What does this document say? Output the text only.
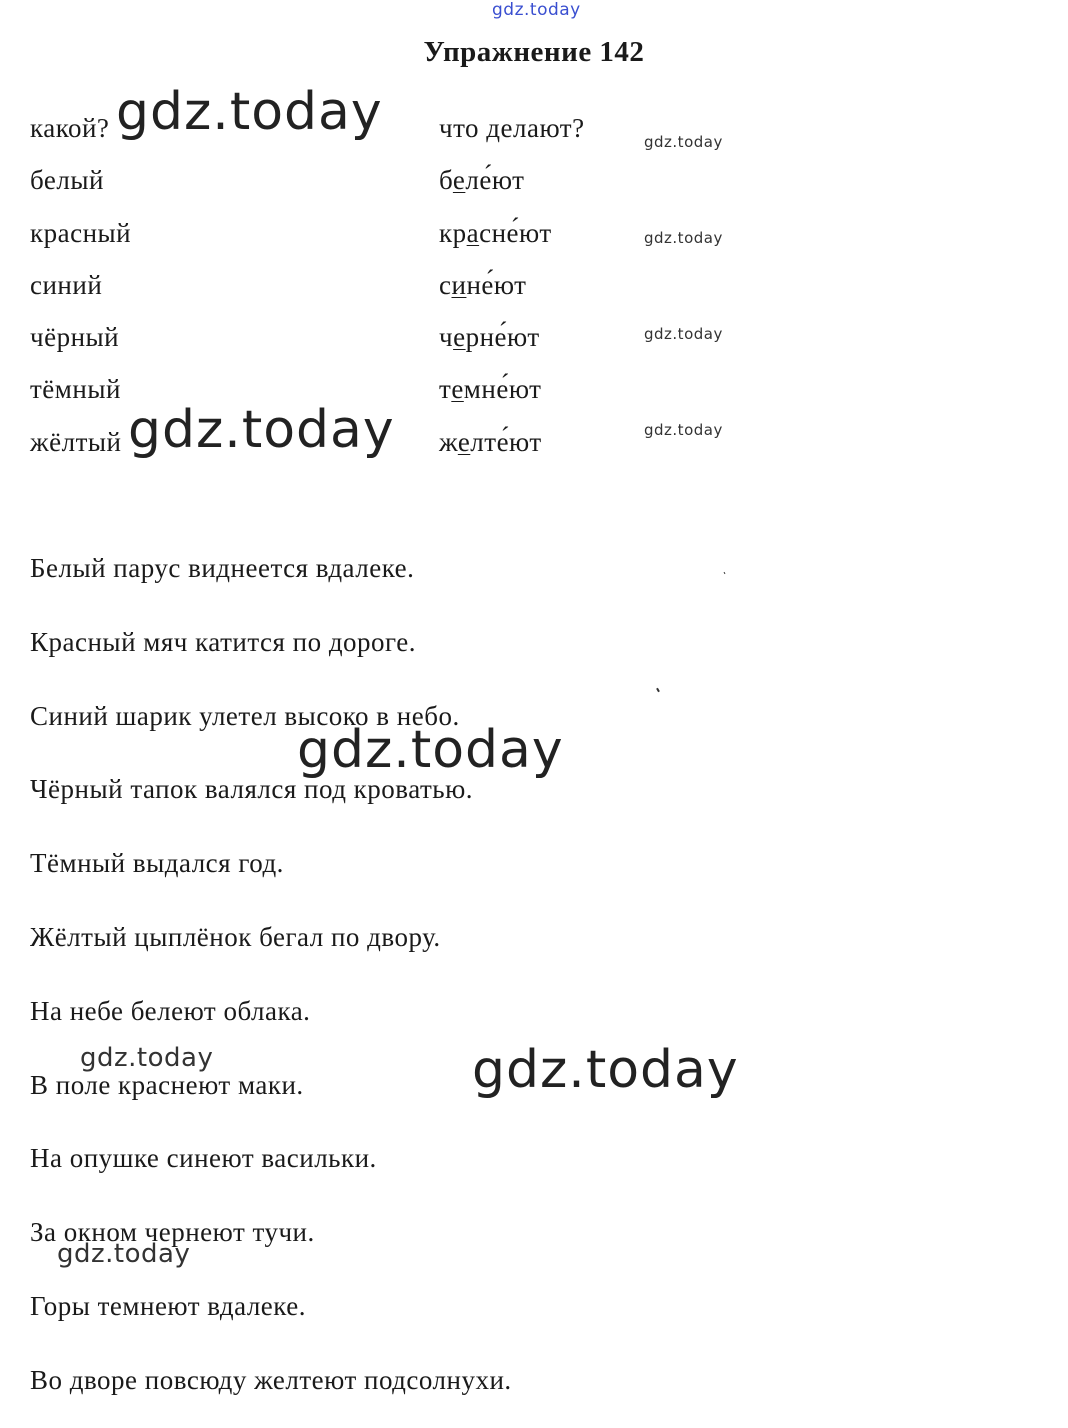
gdz.today
Упражнение 142
какой?
белый
красный
синий
чёрный
тёмный
жёлтый
что делают?
беле́ют
красне́ют
сине́ют
черне́ют
темне́ют
желте́ют
Белый парус виднеется вдалеке.
Красный мяч катится по дороге.
Синий шарик улетел высоко в небо.
Чёрный тапок валялся под кроватью.
Тёмный выдался год.
Жёлтый цыплёнок бегал по двору.
На небе белеют облака.
В поле краснеют маки.
На опушке синеют васильки.
За окном чернеют тучи.
Горы темнеют вдалеке.
Во дворе повсюду желтеют подсолнухи.
gdz.today
gdz.today
gdz.today
gdz.today
gdz.today
gdz.today
gdz.today
gdz.today
gdz.today
gdz.today
